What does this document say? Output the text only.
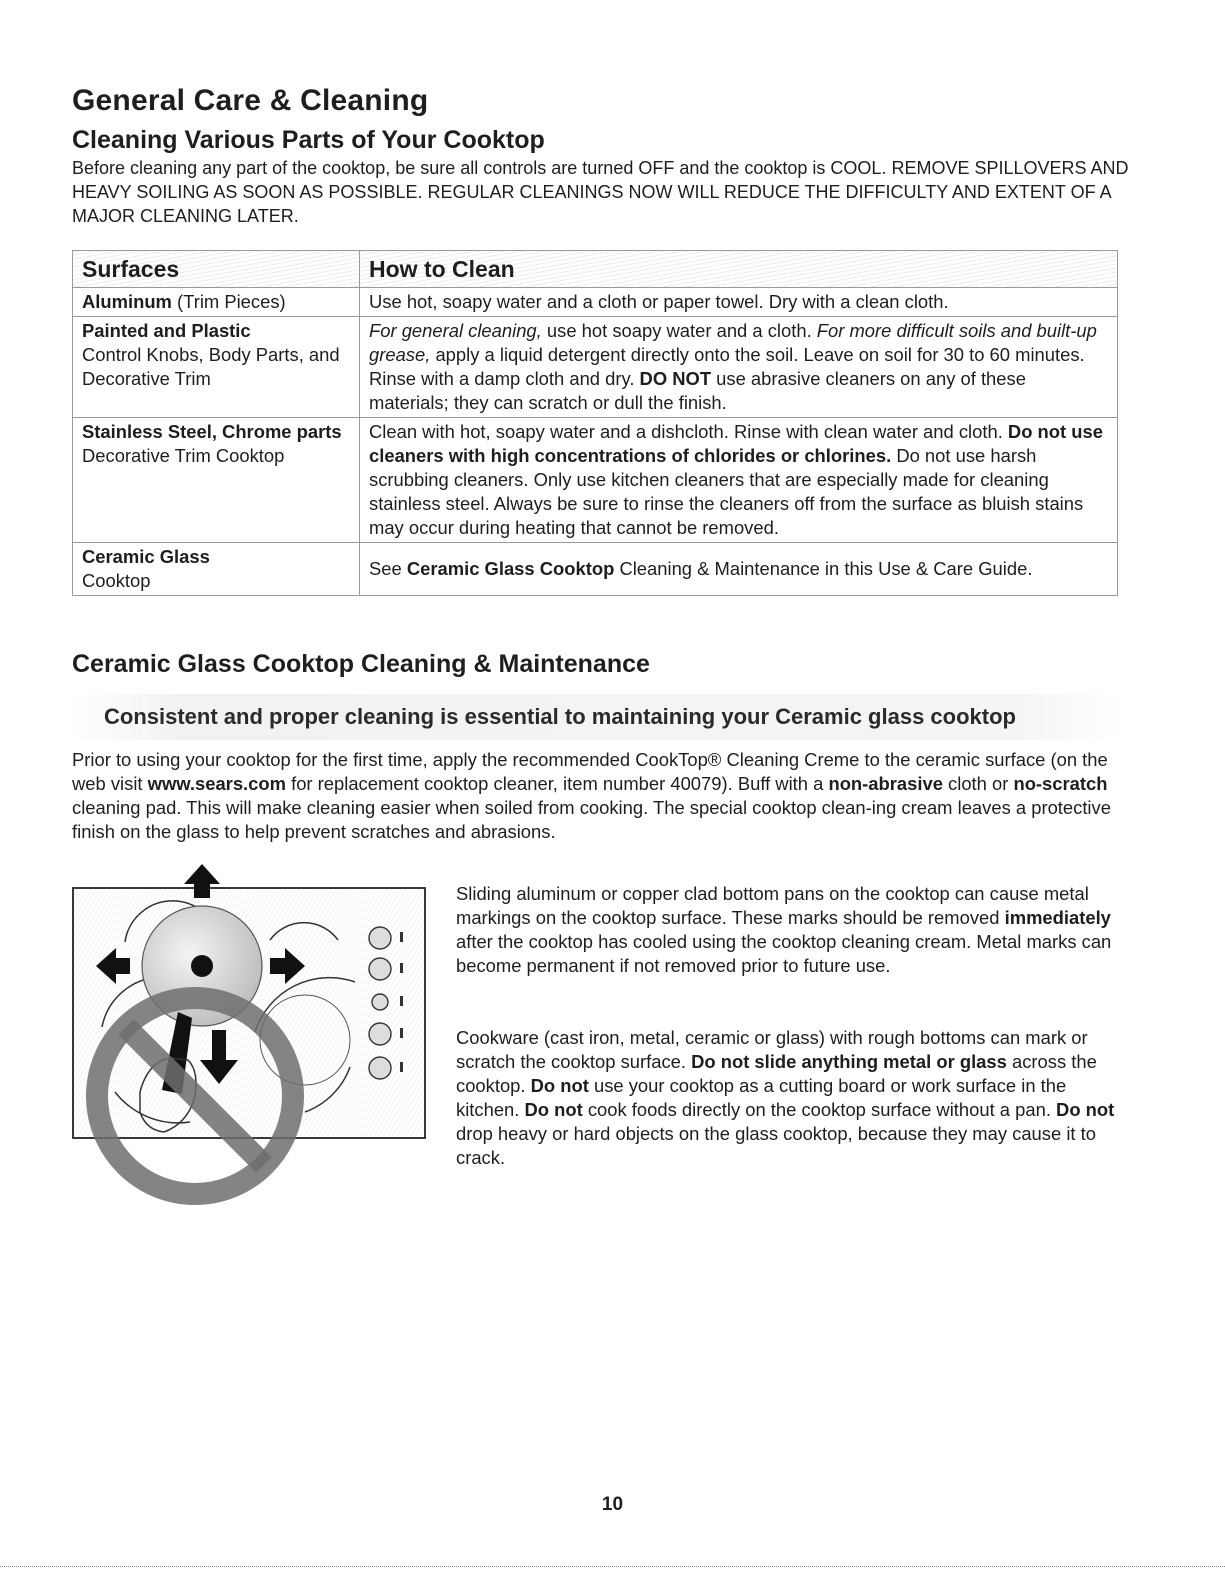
General Care & Cleaning
Cleaning Various Parts of Your Cooktop

Before cleaning any part of the cooktop, be sure all controls are turned OFF and the cooktop is COOL. REMOVE SPILLOVERS AND HEAVY SOILING AS SOON AS POSSIBLE. REGULAR CLEANINGS NOW WILL REDUCE THE DIFFICULTY AND EXTENT OF A MAJOR CLEANING LATER.

Surfaces	How to Clean
Aluminum (Trim Pieces)	Use hot, soapy water and a cloth or paper towel. Dry with a clean cloth.

Painted and Plastic
Control Knobs, Body Parts, and Decorative Trim	For general cleaning, use hot soapy water and a cloth. For more difficult soils and built-up grease, apply a liquid detergent directly onto the soil. Leave on soil for 30 to 60 minutes. Rinse with a damp cloth and dry. DO NOT use abrasive cleaners on any of these materials; they can scratch or dull the finish.

Stainless Steel, Chrome parts
Decorative Trim Cooktop	Clean with hot, soapy water and a dishcloth. Rinse with clean water and cloth. Do not use cleaners with high concentrations of chlorides or chlorines. Do not use harsh scrubbing cleaners. Only use kitchen cleaners that are especially made for cleaning stainless steel. Always be sure to rinse the cleaners off from the surface as bluish stains may occur during heating that cannot be removed.

Ceramic Glass
Cooktop	See Ceramic Glass Cooktop Cleaning & Maintenance in this Use & Care Guide.
Ceramic Glass Cooktop Cleaning & Maintenance

Consistent and proper cleaning is essential to maintaining your Ceramic glass cooktop

Prior to using your cooktop for the first time, apply the recommended CookTop® Cleaning Creme to the ceramic surface (on the web visit www.sears.com for replacement cooktop cleaner, item number 40079). Buff with a non-abrasive cloth or no-scratch cleaning pad. This will make cleaning easier when soiled from cooking. The special cooktop clean-ing cream leaves a protective finish on the glass to help prevent scratches and abrasions.

Sliding aluminum or copper clad bottom pans on the cooktop can cause metal markings on the cooktop surface. These marks should be removed immediately after the cooktop has cooled using the cooktop cleaning cream. Metal marks can become permanent if not removed prior to future use.

Cookware (cast iron, metal, ceramic or glass) with rough bottoms can mark or scratch the cooktop surface. Do not slide anything metal or glass across the cooktop. Do not use your cooktop as a cutting board or work surface in the kitchen. Do not cook foods directly on the cooktop surface without a pan. Do not drop heavy or hard objects on the glass cooktop, because they may cause it to crack.

10
